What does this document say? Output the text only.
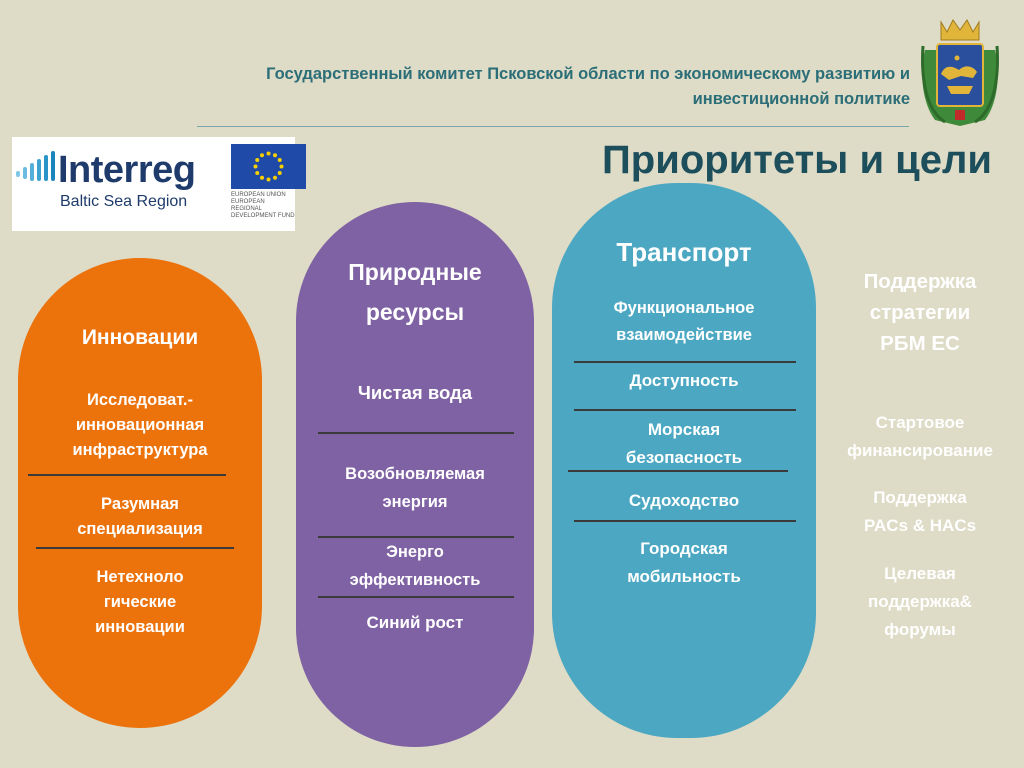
Государственный комитет Псковской области по экономическому развитию и
инвестиционной политике
Interreg
Baltic Sea Region	EUROPEAN UNION EUROPEAN REGIONAL DEVELOPMENT FUND
Приоритеты и цели
Инновации
Исследоват.-
инновационная
инфраструктура
Разумная
специализация
Нетехноло
гические
инновации
Природные
ресурсы
Чистая вода
Возобновляемая
энергия
Энерго
эффективность
Синий рост
Транспорт
Функциональное
взаимодействие
Доступность
Морская
безопасность
Судоходство
Городская
мобильность
Поддержка
стратегии
РБМ ЕС
Стартовое
финансирование
Поддержка
PACs & HACs
Целевая
поддержка&
форумы
